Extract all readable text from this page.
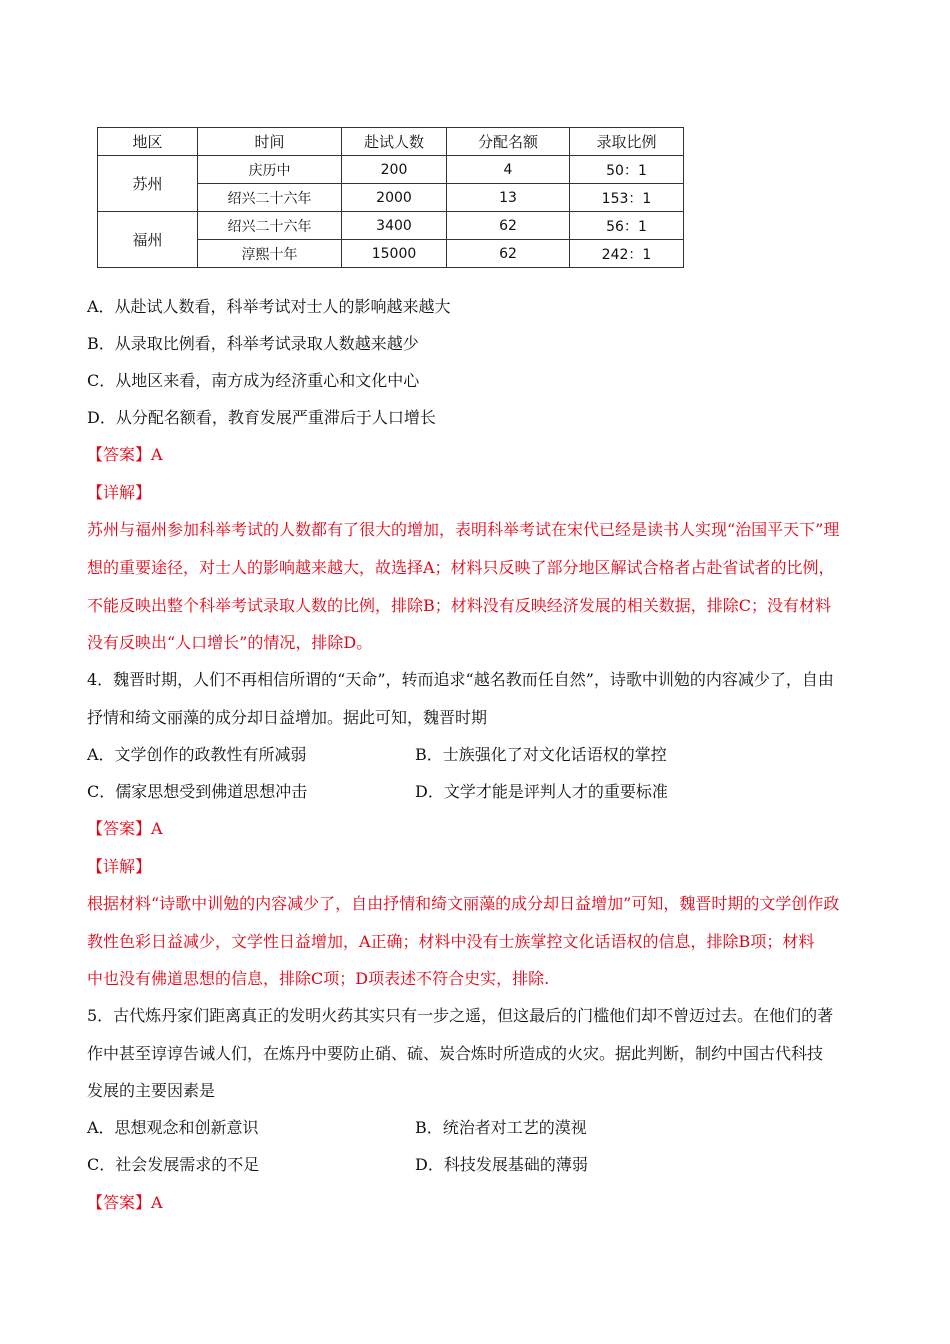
地区	时间	赴试人数	分配名额	录取比例
苏州	庆历中	200	4	50：1
	绍兴二十六年	2000	13	153：1
福州	绍兴二十六年	3400	62	56：1
	淳熙十年	15000	62	242：1
A．从赴试人数看，科举考试对士人的影响越来越大
B．从录取比例看，科举考试录取人数越来越少
C．从地区来看，南方成为经济重心和文化中心
D．从分配名额看，教育发展严重滞后于人口增长
【答案】A
【详解】
苏州与福州参加科举考试的人数都有了很大的增加，表明科举考试在宋代已经是读书人实现“治国平天下”理
想的重要途径，对士人的影响越来越大，故选择A；材料只反映了部分地区解试合格者占赴省试者的比例，
不能反映出整个科举考试录取人数的比例，排除B；材料没有反映经济发展的相关数据，排除C；没有材料
没有反映出“人口增长”的情况，排除D。
4．魏晋时期，人们不再相信所谓的“天命”，转而追求“越名教而任自然”，诗歌中训勉的内容减少了，自由
抒情和绮文丽藻的成分却日益增加。据此可知，魏晋时期
A．文学创作的政教性有所减弱	B．士族强化了对文化话语权的掌控
C．儒家思想受到佛道思想冲击	D．文学才能是评判人才的重要标准
【答案】A
【详解】
根据材料“诗歌中训勉的内容减少了，自由抒情和绮文丽藻的成分却日益增加”可知，魏晋时期的文学创作政
教性色彩日益减少，文学性日益增加，A正确；材料中没有士族掌控文化话语权的信息，排除B项；材料
中也没有佛道思想的信息，排除C项；D项表述不符合史实，排除.
5．古代炼丹家们距离真正的发明火药其实只有一步之遥，但这最后的门槛他们却不曾迈过去。在他们的著
作中甚至谆谆告诫人们，在炼丹中要防止硝、硫、炭合炼时所造成的火灾。据此判断，制约中国古代科技
发展的主要因素是
A．思想观念和创新意识	B．统治者对工艺的漠视
C．社会发展需求的不足	D．科技发展基础的薄弱
【答案】A
